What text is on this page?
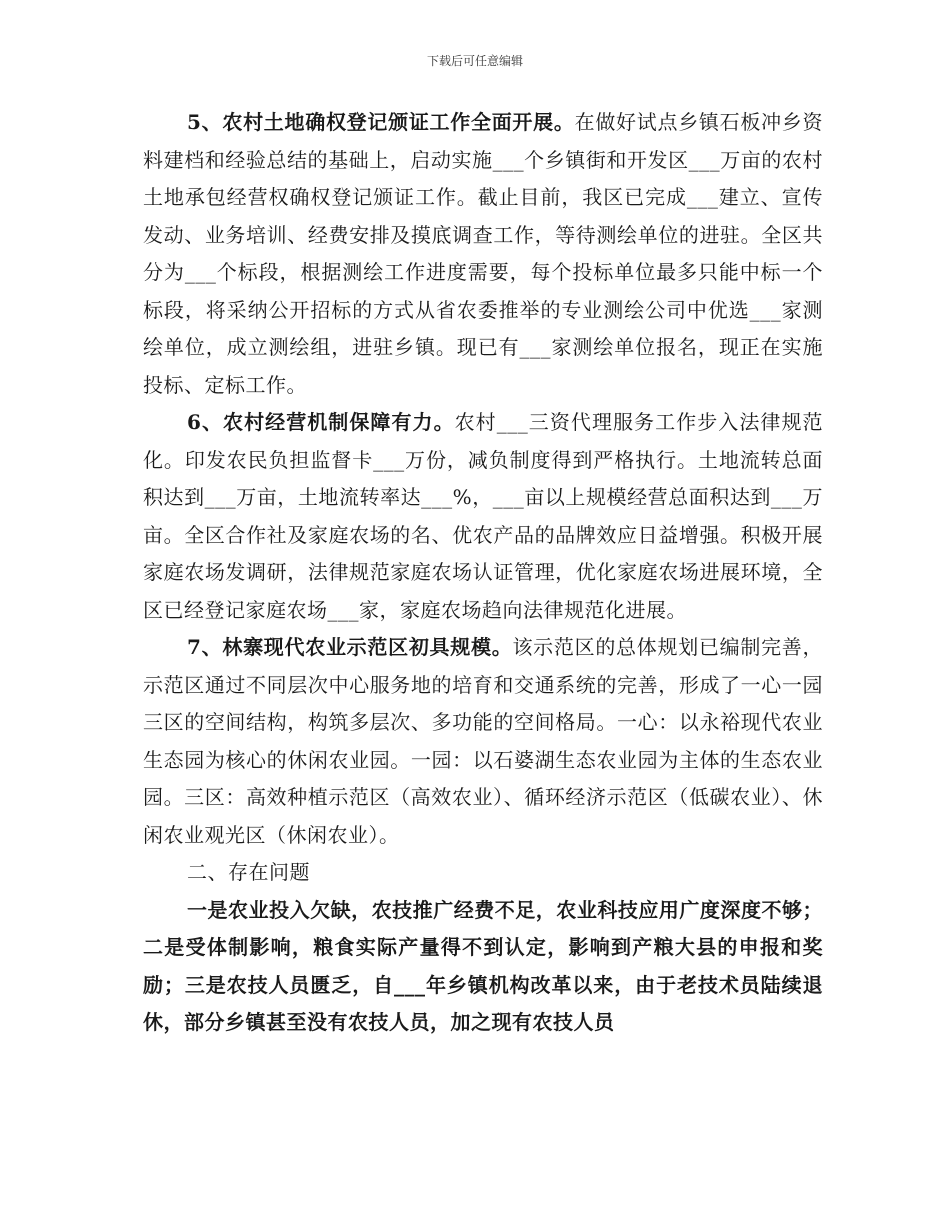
下载后可任意编辑

5、农村土地确权登记颁证工作全面开展。在做好试点乡镇石板冲乡资料建档和经验总结的基础上，启动实施___个乡镇街和开发区___万亩的农村土地承包经营权确权登记颁证工作。截止目前，我区已完成___建立、宣传发动、业务培训、经费安排及摸底调查工作，等待测绘单位的进驻。全区共分为___个标段，根据测绘工作进度需要，每个投标单位最多只能中标一个标段，将采纳公开招标的方式从省农委推举的专业测绘公司中优选___家测绘单位，成立测绘组，进驻乡镇。现已有___家测绘单位报名，现正在实施投标、定标工作。

6、农村经营机制保障有力。农村___三资代理服务工作步入法律规范化。印发农民负担监督卡___万份，减负制度得到严格执行。土地流转总面积达到___万亩，土地流转率达___%，___亩以上规模经营总面积达到___万亩。全区合作社及家庭农场的名、优农产品的品牌效应日益增强。积极开展家庭农场发调研，法律规范家庭农场认证管理，优化家庭农场进展环境，全区已经登记家庭农场___家，家庭农场趋向法律规范化进展。

7、林寨现代农业示范区初具规模。该示范区的总体规划已编制完善，示范区通过不同层次中心服务地的培育和交通系统的完善，形成了一心一园三区的空间结构，构筑多层次、多功能的空间格局。一心：以永裕现代农业生态园为核心的休闲农业园。一园：以石婆湖生态农业园为主体的生态农业园。三区：高效种植示范区（高效农业）、循环经济示范区（低碳农业）、休闲农业观光区（休闲农业）。

二、存在问题

一是农业投入欠缺，农技推广经费不足，农业科技应用广度深度不够；二是受体制影响，粮食实际产量得不到认定，影响到产粮大县的申报和奖励；三是农技人员匮乏，自___年乡镇机构改革以来，由于老技术员陆续退休，部分乡镇甚至没有农技人员，加之现有农技人员
